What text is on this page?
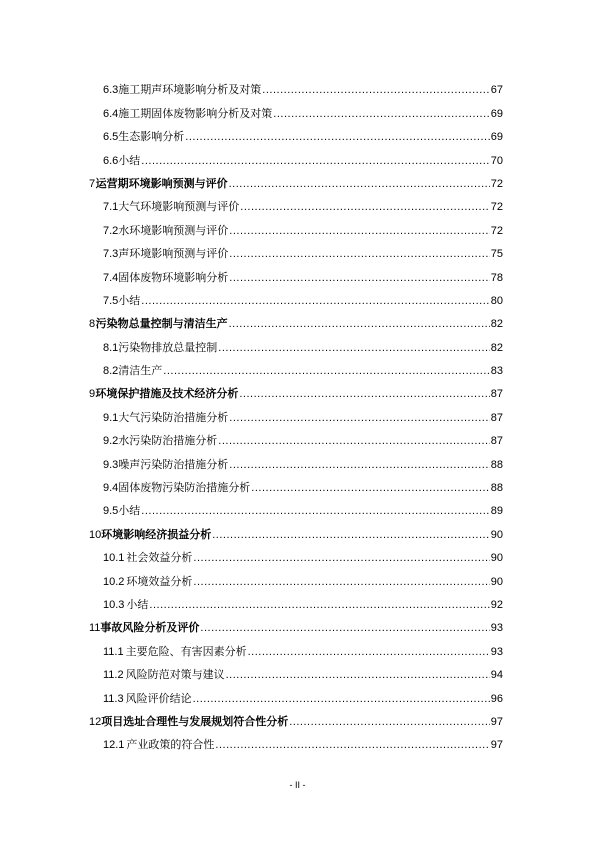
6.3 施工期声环境影响分析及对策 .....	67
6.4 施工期固体废物影响分析及对策 .....	69
6.5 生态影响分析 .....	69
6.6 小结 .....	70
7 运营期环境影响预测与评价 .....	72
7.1 大气环境影响预测与评价 .....	72
7.2 水环境影响预测与评价 .....	72
7.3 声环境影响预测与评价 .....	75
7.4 固体废物环境影响分析 .....	78
7.5 小结 .....	80
8 污染物总量控制与清洁生产 .....	82
8.1 污染物排放总量控制 .....	82
8.2 清洁生产 .....	83
9 环境保护措施及技术经济分析 .....	87
9.1 大气污染防治措施分析 .....	87
9.2 水污染防治措施分析 .....	87
9.3 噪声污染防治措施分析 .....	88
9.4 固体废物污染防治措施分析 .....	88
9.5 小结 .....	89
10 环境影响经济损益分析 .....	90
10.1 社会效益分析 .....	90
10.2 环境效益分析 .....	90
10.3 小结 .....	92
11 事故风险分析及评价 .....	93
11.1 主要危险、有害因素分析 .....	93
11.2 风险防范对策与建议 .....	94
11.3 风险评价结论 .....	96
12 项目选址合理性与发展规划符合性分析 .....	97
12.1 产业政策的符合性 .....	97
- II -
